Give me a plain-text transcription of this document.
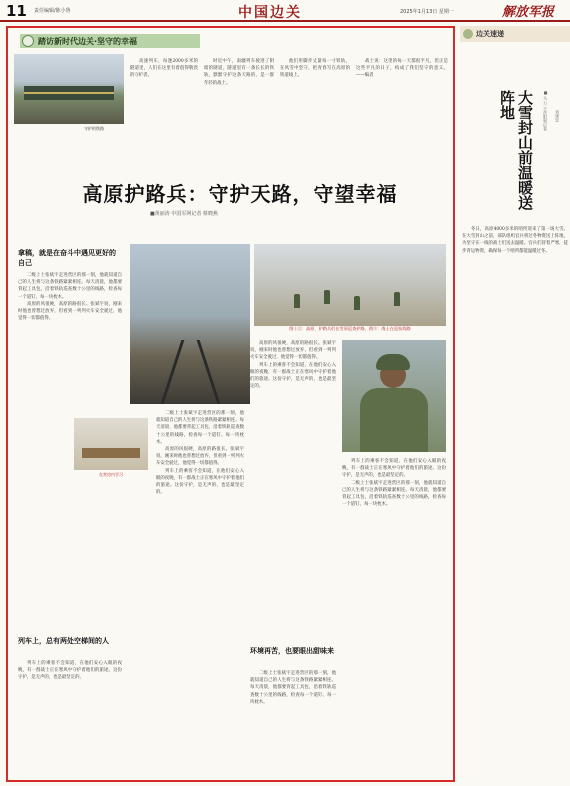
11 责任编辑/陈小鲁	中国边关	2025年1月13日 星期一	解放军报
踏访新时代边关·坚守的幸福
守护的铁路

高速列车，每逢2000多米的隧道里，人们在这里有着值得敬畏的守护者。

时近中午，南疆列车驶进了阴暗的隧道，隧道里有一条长长的铁轨，默默守护这条天路的，是一群年轻的战士。

他们用脚步丈量每一寸铁轨，在风雪中坚守，把青春写在高原的铁道线上。

战士说：这里的每一天都很平凡，但正是这些平凡的日子，构成了我们坚守的意义。——编者

高原护路兵：守护天路，守望幸福
■黄丽涛 中国军网记者 蔡晓燕
拿稿，就是在奋斗中遇见更好的自己

二级上士张斌宇走进营区的那一刻，他就知道自己的人生将与这条铁路紧紧相连。每天清晨，他都要背起工具包，沿着铁轨巡查数十公里的线路，检查每一个道钉、每一块枕木。

高原的风很硬，高原的路很长。张斌宇说，刚来时他也曾想过放弃，但看到一列列火车安全驶过，他觉得一切都值得。

列车上，总有两处空梯间的人

列车上的乘客不会知道，在他们安心入眠的夜晚，有一群战士正在寒风中守护着他们的旅途。这份守护，是无声的，也是最坚定的。

图①②：高原，护路兵们在雪原巡查护路。图③：战士在巡检线路

二级上士张斌宇走进营区的那一刻，他就知道自己的人生将与这条铁路紧紧相连。每天清晨，他都要背起工具包，沿着铁轨巡查数十公里的线路，检查每一个道钉、每一块枕木。

高原的风很硬，高原的路很长。张斌宇说，刚来时他也曾想过放弃，但看到一列列火车安全驶过，他觉得一切都值得。

列车上的乘客不会知道，在他们安心入眠的夜晚，有一群战士正在寒风中守护着他们的旅途。这份守护，是无声的，也是最坚定的。

高原的风很硬，高原的路很长。张斌宇说，刚来时他也曾想过放弃，但看到一列列火车安全驶过，他觉得一切都值得。

列车上的乘客不会知道，在他们安心入眠的夜晚，有一群战士正在寒风中守护着他们的旅途。这份守护，是无声的，也是最坚定的。

环境再苦，也要眼出甜味来

二级上士张斌宇走进营区的那一刻，他就知道自己的人生将与这条铁路紧紧相连。每天清晨，他都要背起工具包，沿着铁轨巡查数十公里的线路，检查每一个道钉、每一块枕木。

列车上的乘客不会知道，在他们安心入眠的夜晚，有一群战士正在寒风中守护着他们的旅途。这份守护，是无声的，也是最坚定的。

二级上士张斌宇走进营区的那一刻，他就知道自己的人生将与这条铁路紧紧相连。每天清晨，他都要背起工具包，沿着铁轨巡查数十公里的线路，检查每一个道钉、每一块枕木。

在营房内学习
边关速递
大雪封山前温暖送阵地	■ 马 力 王浩阳和记者 刘建忠

冬日，高原4000多米的哨所迎来了第一场大雪。在大雪封山之前，部队组织官兵将过冬物资送上阵地，为坚守在一线的战士们送去温暖。官兵们冒着严寒，徒步背运物资，确保每一个哨所都能温暖过冬。
